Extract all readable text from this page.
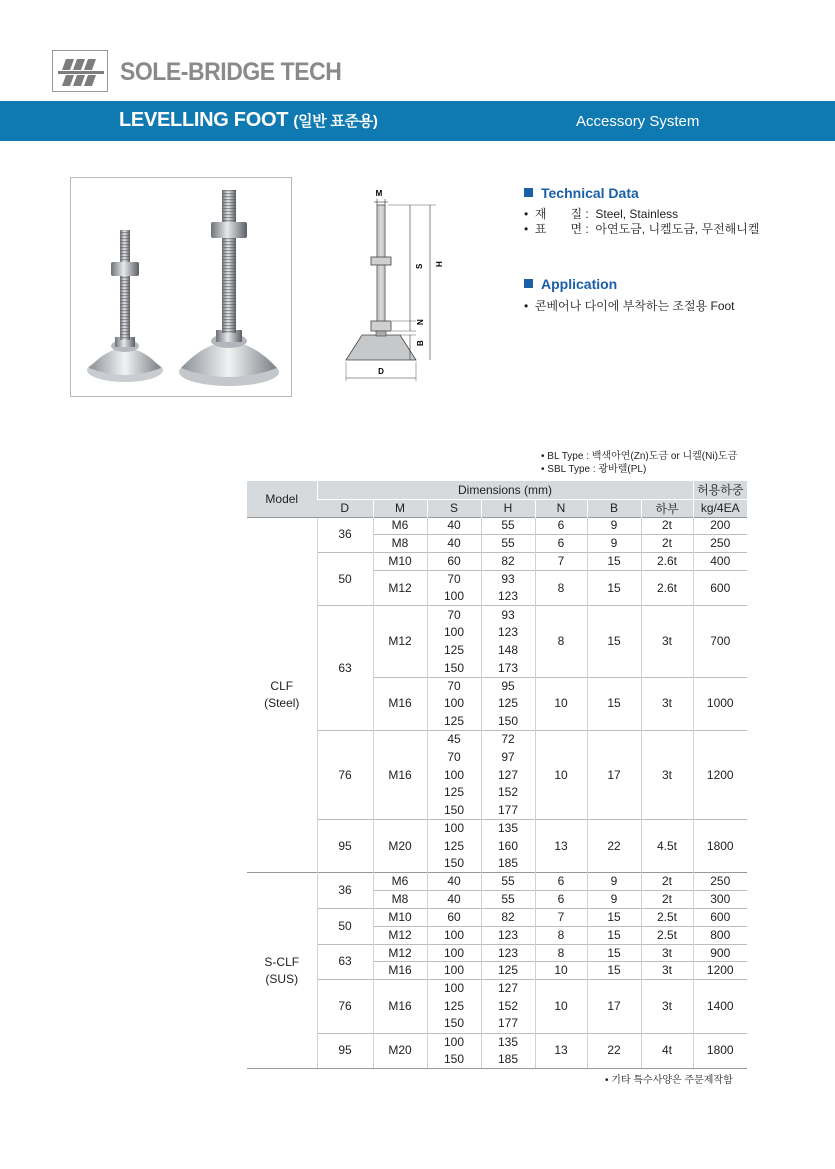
SOLE-BRIDGE TECH
LEVELLING FOOT (일반 표준용)	Accessory System
M
H
S
N
B
D
Technical Data
• 재　　질 : Steel, Stainless
• 표　　면 : 아연도금, 니켈도금, 무전해니켈
Application
• 콘베어나 다이에 부착하는 조절용 Foot
• BL Type : 백색아연(Zn)도금 or 니켈(Ni)도금
• SBL Type : 광바렐(PL)
Model	Dimensions (mm)							허용하중
	D	M	S	H	N	B	하부	kg/4EA

CLF
(Steel)	36	M6	40	55	6	9	2t	200
		M8	40	55	6	9	2t	250
	50	M10	60	82	7	15	2.6t	400
		M12	70	93	8	15	2.6t	600
			100	123				
	63	M12	70	93	8	15	3t	700
			100	123				
			125	148				
			150	173				
		M16	70	95	10	15	3t	1000
			100	125				
			125	150				
	76	M16	45	72	10	17	3t	1200
			70	97				
			100	127				
			125	152				
			150	177				
	95	M20	100	135	13	22	4.5t	1800
			125	160				
			150	185				

S-CLF
(SUS)	36	M6	40	55	6	9	2t	250
		M8	40	55	6	9	2t	300
	50	M10	60	82	7	15	2.5t	600
		M12	100	123	8	15	2.5t	800
	63	M12	100	123	8	15	3t	900
		M16	100	125	10	15	3t	1200
	76	M16	100	127	10	17	3t	1400
			125	152				
			150	177				
	95	M20	100	135	13	22	4t	1800
			150	185				
• 기타 특수사양은 주문제작함
